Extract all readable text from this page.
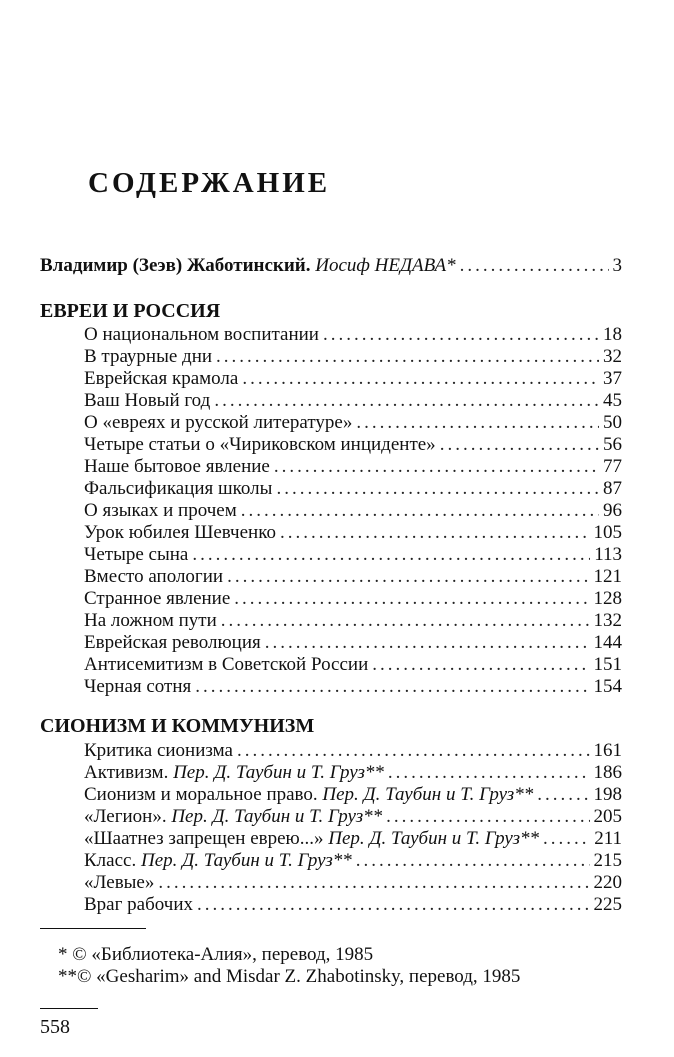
СОДЕРЖАНИЕ
Владимир (Зеэв) Жаботинский. Иосиф НЕДАВА* .....	3
ЕВРЕИ И РОССИЯ
О национальном воспитании .....	18
В траурные дни .....	32
Еврейская крамола .....	37
Ваш Новый год .....	45
О «евреях и русской литературе» .....	50
Четыре статьи о «Чириковском инциденте» .....	56
Наше бытовое явление .....	77
Фальсификация школы .....	87
О языках и прочем .....	96
Урок юбилея Шевченко .....	105
Четыре сына .....	113
Вместо апологии .....	121
Странное явление .....	128
На ложном пути .....	132
Еврейская революция .....	144
Антисемитизм в Советской России .....	151
Черная сотня .....	154
СИОНИЗМ И КОММУНИЗМ
Критика сионизма .....	161
Активизм. Пер. Д. Таубин и Т. Груз** .....	186
Сионизм и моральное право. Пер. Д. Таубин и Т. Груз** .....	198
«Легион». Пер. Д. Таубин и Т. Груз** .....	205
«Шаатнез запрещен еврею...» Пер. Д. Таубин и Т. Груз** .....	211
Класс. Пер. Д. Таубин и Т. Груз** .....	215
«Левые» .....	220
Враг рабочих .....	225
* © «Библиотека-Алия», перевод, 1985
**© «Gesharim» and Misdar Z. Zhabotinsky, перевод, 1985
558
